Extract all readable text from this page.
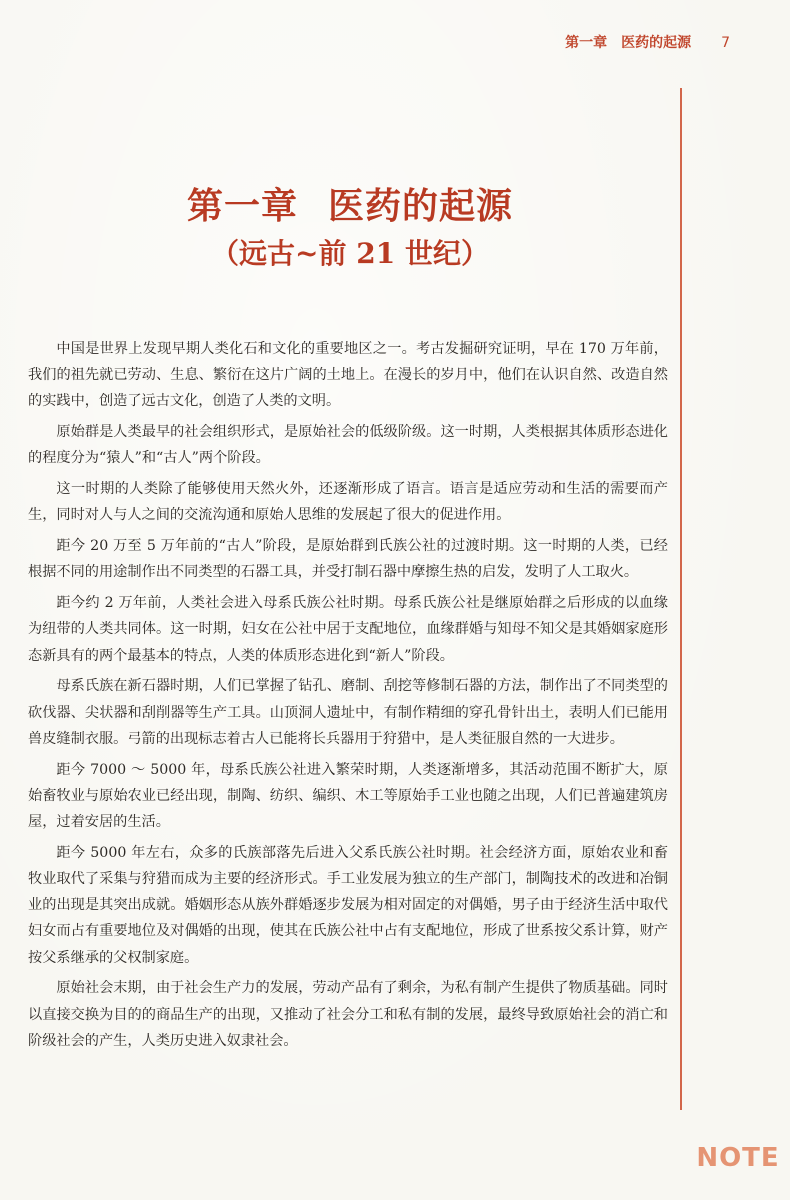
第一章 医药的起源 7
第一章 医药的起源
（远古~前 21 世纪）

中国是世界上发现早期人类化石和文化的重要地区之一。考古发掘研究证明，早在 170 万年前，我们的祖先就已劳动、生息、繁衍在这片广阔的土地上。在漫长的岁月中，他们在认识自然、改造自然的实践中，创造了远古文化，创造了人类的文明。

原始群是人类最早的社会组织形式，是原始社会的低级阶级。这一时期，人类根据其体质形态进化的程度分为“猿人”和“古人”两个阶段。

这一时期的人类除了能够使用天然火外，还逐渐形成了语言。语言是适应劳动和生活的需要而产生，同时对人与人之间的交流沟通和原始人思维的发展起了很大的促进作用。

距今 20 万至 5 万年前的“古人”阶段，是原始群到氏族公社的过渡时期。这一时期的人类，已经根据不同的用途制作出不同类型的石器工具，并受打制石器中摩擦生热的启发，发明了人工取火。

距今约 2 万年前，人类社会进入母系氏族公社时期。母系氏族公社是继原始群之后形成的以血缘为纽带的人类共同体。这一时期，妇女在公社中居于支配地位，血缘群婚与知母不知父是其婚姻家庭形态新具有的两个最基本的特点，人类的体质形态进化到“新人”阶段。

母系氏族在新石器时期，人们已掌握了钻孔、磨制、刮挖等修制石器的方法，制作出了不同类型的砍伐器、尖状器和刮削器等生产工具。山顶洞人遗址中，有制作精细的穿孔骨针出土，表明人们已能用兽皮缝制衣服。弓箭的出现标志着古人已能将长兵器用于狩猎中，是人类征服自然的一大进步。

距今 7000 ～ 5000 年，母系氏族公社进入繁荣时期，人类逐渐增多，其活动范围不断扩大，原始畜牧业与原始农业已经出现，制陶、纺织、编织、木工等原始手工业也随之出现，人们已普遍建筑房屋，过着安居的生活。

距今 5000 年左右，众多的氏族部落先后进入父系氏族公社时期。社会经济方面，原始农业和畜牧业取代了采集与狩猎而成为主要的经济形式。手工业发展为独立的生产部门，制陶技术的改进和冶铜业的出现是其突出成就。婚姻形态从族外群婚逐步发展为相对固定的对偶婚，男子由于经济生活中取代妇女而占有重要地位及对偶婚的出现，使其在氏族公社中占有支配地位，形成了世系按父系计算，财产按父系继承的父权制家庭。

原始社会末期，由于社会生产力的发展，劳动产品有了剩余，为私有制产生提供了物质基础。同时以直接交换为目的的商品生产的出现，又推动了社会分工和私有制的发展，最终导致原始社会的消亡和阶级社会的产生，人类历史进入奴隶社会。

NOTE
